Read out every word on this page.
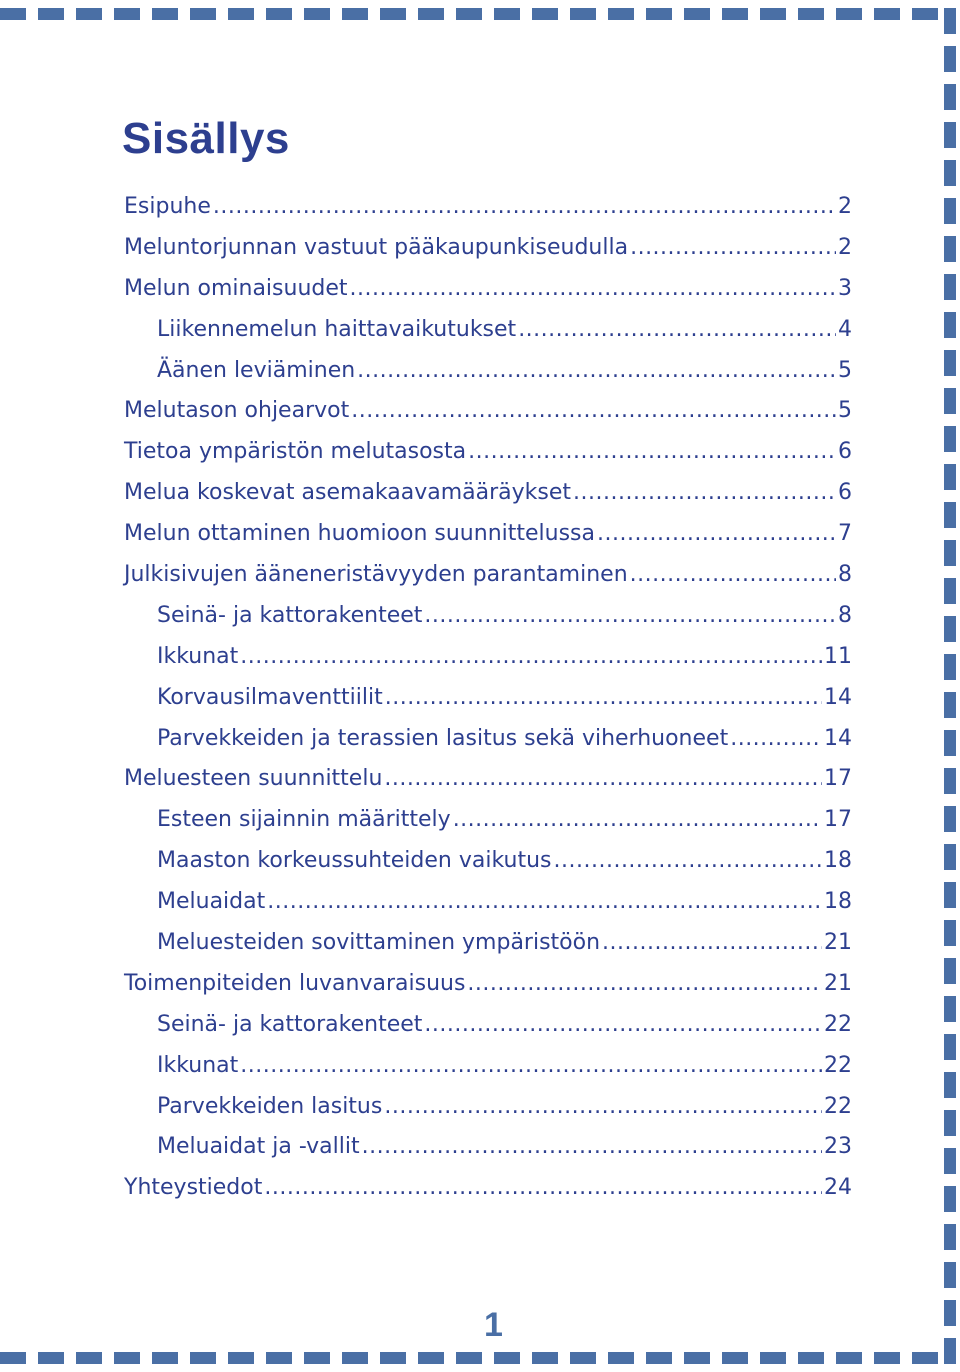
Sisällys
Esipuhe .....	2
Meluntorjunnan vastuut pääkaupunkiseudulla .....	2
Melun ominaisuudet .....	3
Liikennemelun haittavaikutukset .....	4
Äänen leviäminen .....	5
Melutason ohjearvot .....	5
Tietoa ympäristön melutasosta .....	6
Melua koskevat asemakaavamääräykset .....	6
Melun ottaminen huomioon suunnittelussa .....	7
Julkisivujen ääneneristävyyden parantaminen .....	8
Seinä- ja kattorakenteet .....	8
Ikkunat .....	11
Korvausilmaventtiilit .....	14
Parvekkeiden ja terassien lasitus sekä viherhuoneet .....	14
Meluesteen suunnittelu .....	17
Esteen sijainnin määrittely .....	17
Maaston korkeussuhteiden vaikutus .....	18
Meluaidat .....	18
Meluesteiden sovittaminen ympäristöön .....	21
Toimenpiteiden luvanvaraisuus .....	21
Seinä- ja kattorakenteet .....	22
Ikkunat .....	22
Parvekkeiden lasitus .....	22
Meluaidat ja -vallit .....	23
Yhteystiedot .....	24
1
